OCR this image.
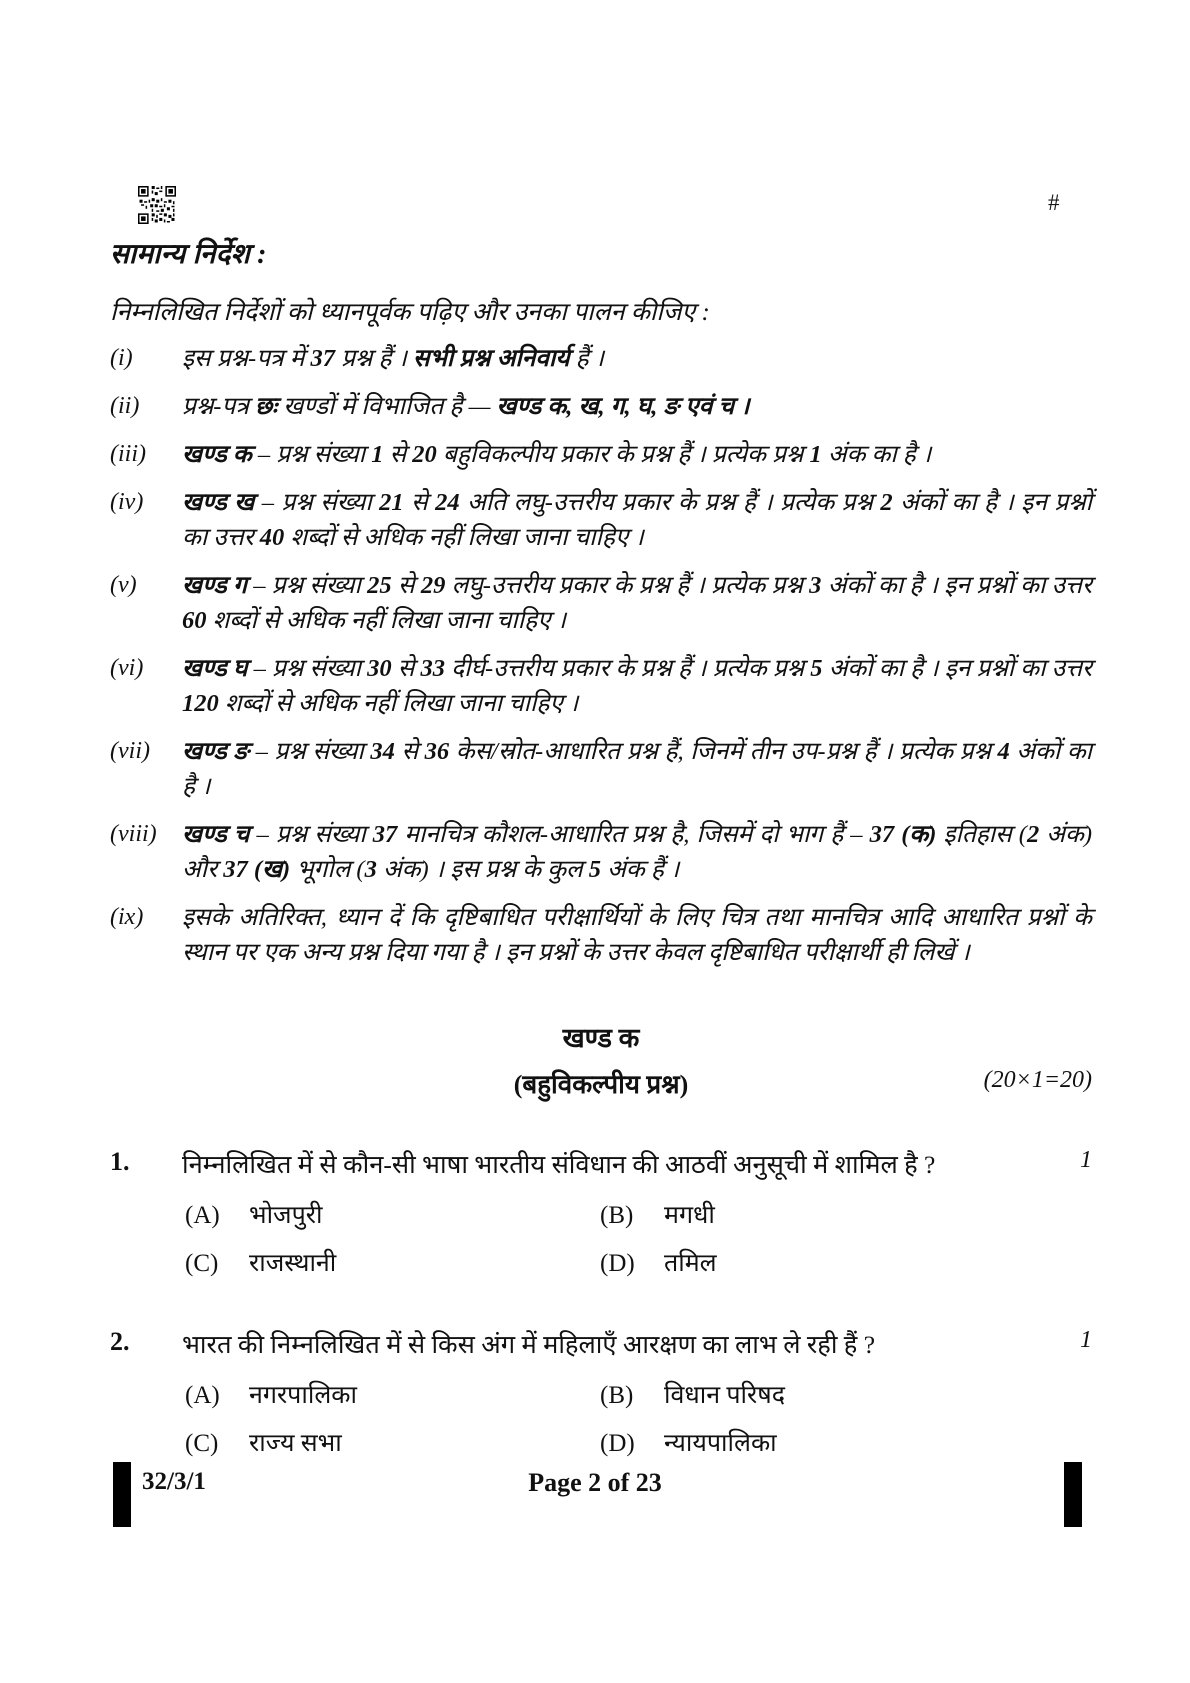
#
सामान्य निर्देश :

निम्नलिखित निर्देशों को ध्यानपूर्वक पढ़िए और उनका पालन कीजिए :

(i)	इस प्रश्न-पत्र में 37 प्रश्न हैं । सभी प्रश्न अनिवार्य हैं ।

(ii)	प्रश्न-पत्र छः खण्डों में विभाजित है — खण्ड क, ख, ग, घ, ङ एवं च ।

(iii)	खण्ड क – प्रश्न संख्या 1 से 20 बहुविकल्पीय प्रकार के प्रश्न हैं । प्रत्येक प्रश्न 1 अंक का है ।

(iv)	खण्ड ख – प्रश्न संख्या 21 से 24 अति लघु-उत्तरीय प्रकार के प्रश्न हैं । प्रत्येक प्रश्न 2 अंकों का है । इन प्रश्नों का उत्तर 40 शब्दों से अधिक नहीं लिखा जाना चाहिए ।

(v)	खण्ड ग – प्रश्न संख्या 25 से 29 लघु-उत्तरीय प्रकार के प्रश्न हैं । प्रत्येक प्रश्न 3 अंकों का है । इन प्रश्नों का उत्तर 60 शब्दों से अधिक नहीं लिखा जाना चाहिए ।

(vi)	खण्ड घ – प्रश्न संख्या 30 से 33 दीर्घ-उत्तरीय प्रकार के प्रश्न हैं । प्रत्येक प्रश्न 5 अंकों का है । इन प्रश्नों का उत्तर 120 शब्दों से अधिक नहीं लिखा जाना चाहिए ।

(vii)	खण्ड ङ – प्रश्न संख्या 34 से 36 केस/स्रोत-आधारित प्रश्न हैं, जिनमें तीन उप-प्रश्न हैं । प्रत्येक प्रश्न 4 अंकों का है ।

(viii)	खण्ड च – प्रश्न संख्या 37 मानचित्र कौशल-आधारित प्रश्न है, जिसमें दो भाग हैं – 37 (क) इतिहास (2 अंक) और 37 (ख) भूगोल (3 अंक) । इस प्रश्न के कुल 5 अंक हैं ।

(ix)	इसके अतिरिक्त, ध्यान दें कि दृष्टिबाधित परीक्षार्थियों के लिए चित्र तथा मानचित्र आदि आधारित प्रश्नों के स्थान पर एक अन्य प्रश्न दिया गया है । इन प्रश्नों के उत्तर केवल दृष्टिबाधित परीक्षार्थी ही लिखें ।

खण्ड क
(बहुविकल्पीय प्रश्न)	(20×1=20)
1.	निम्नलिखित में से कौन-सी भाषा भारतीय संविधान की आठवीं अनुसूची में शामिल है ?	1
(A)	भोजपुरी	(B)	मगधी
(C)	राजस्थानी	(D)	तमिल
2.	भारत की निम्नलिखित में से किस अंग में महिलाएँ आरक्षण का लाभ ले रही हैं ?	1
(A)	नगरपालिका	(B)	विधान परिषद
(C)	राज्य सभा	(D)	न्यायपालिका
32/3/1	Page 2 of 23
